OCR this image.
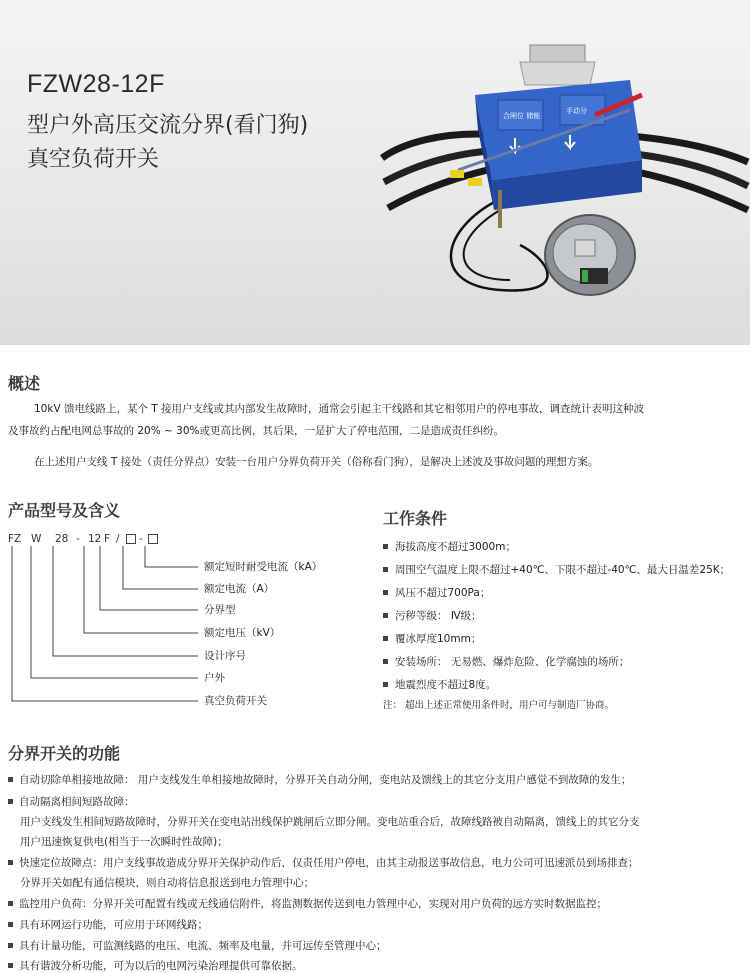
FZW28-12F
型户外高压交流分界(看门狗)
真空负荷开关
合闸位 储能
手动分
概述
10kV 馈电线路上，某个 T 接用户支线或其内部发生故障时，通常会引起主干线路和其它相邻用户的停电事故，调查统计表明这种波
及事故约占配电网总事故的 20% ~ 30%或更高比例，其后果，一是扩大了停电范围，二是造成责任纠纷。
在上述用户支线 T 接处（责任分界点）安装一台用户分界负荷开关（俗称看门狗），是解决上述波及事故问题的理想方案。
产品型号及含义
FZ W 28 - 12 F / -
额定短时耐受电流（kA）
额定电流（A）
分界型
额定电压（kV）
设计序号
户外
真空负荷开关
工作条件
海拔高度不超过3000m；
周围空气温度上限不超过+40℃、下限不超过-40℃、最大日温差25K；
风压不超过700Pa；
污秽等级： Ⅳ级；
覆冰厚度10mm；
安装场所： 无易燃、爆炸危险、化学腐蚀的场所；
地震烈度不超过8度。
注： 超出上述正常使用条件时，用户可与制造厂协商。
分界开关的功能
自动切除单相接地故障： 用户支线发生单相接地故障时，分界开关自动分闸，变电站及馈线上的其它分支用户感觉不到故障的发生；
自动隔离相间短路故障：
用户支线发生相间短路故障时，分界开关在变电站出线保护跳闸后立即分闸。变电站重合后，故障线路被自动隔离，馈线上的其它分支
用户迅速恢复供电(相当于一次瞬时性故障)；
快速定位故障点：用户支线事故造成分界开关保护动作后，仅责任用户停电，由其主动报送事故信息，电力公司可迅速派员到场排查；
分界开关如配有通信模块，则自动将信息报送到电力管理中心；
监控用户负荷：分界开关可配置有线或无线通信附件，将监测数据传送到电力管理中心，实现对用户负荷的远方实时数据监控；
具有环网运行功能，可应用于环网线路；
具有计量功能，可监测线路的电压、电流、频率及电量，并可远传至管理中心；
具有谐波分析功能，可为以后的电网污染治理提供可靠依据。
